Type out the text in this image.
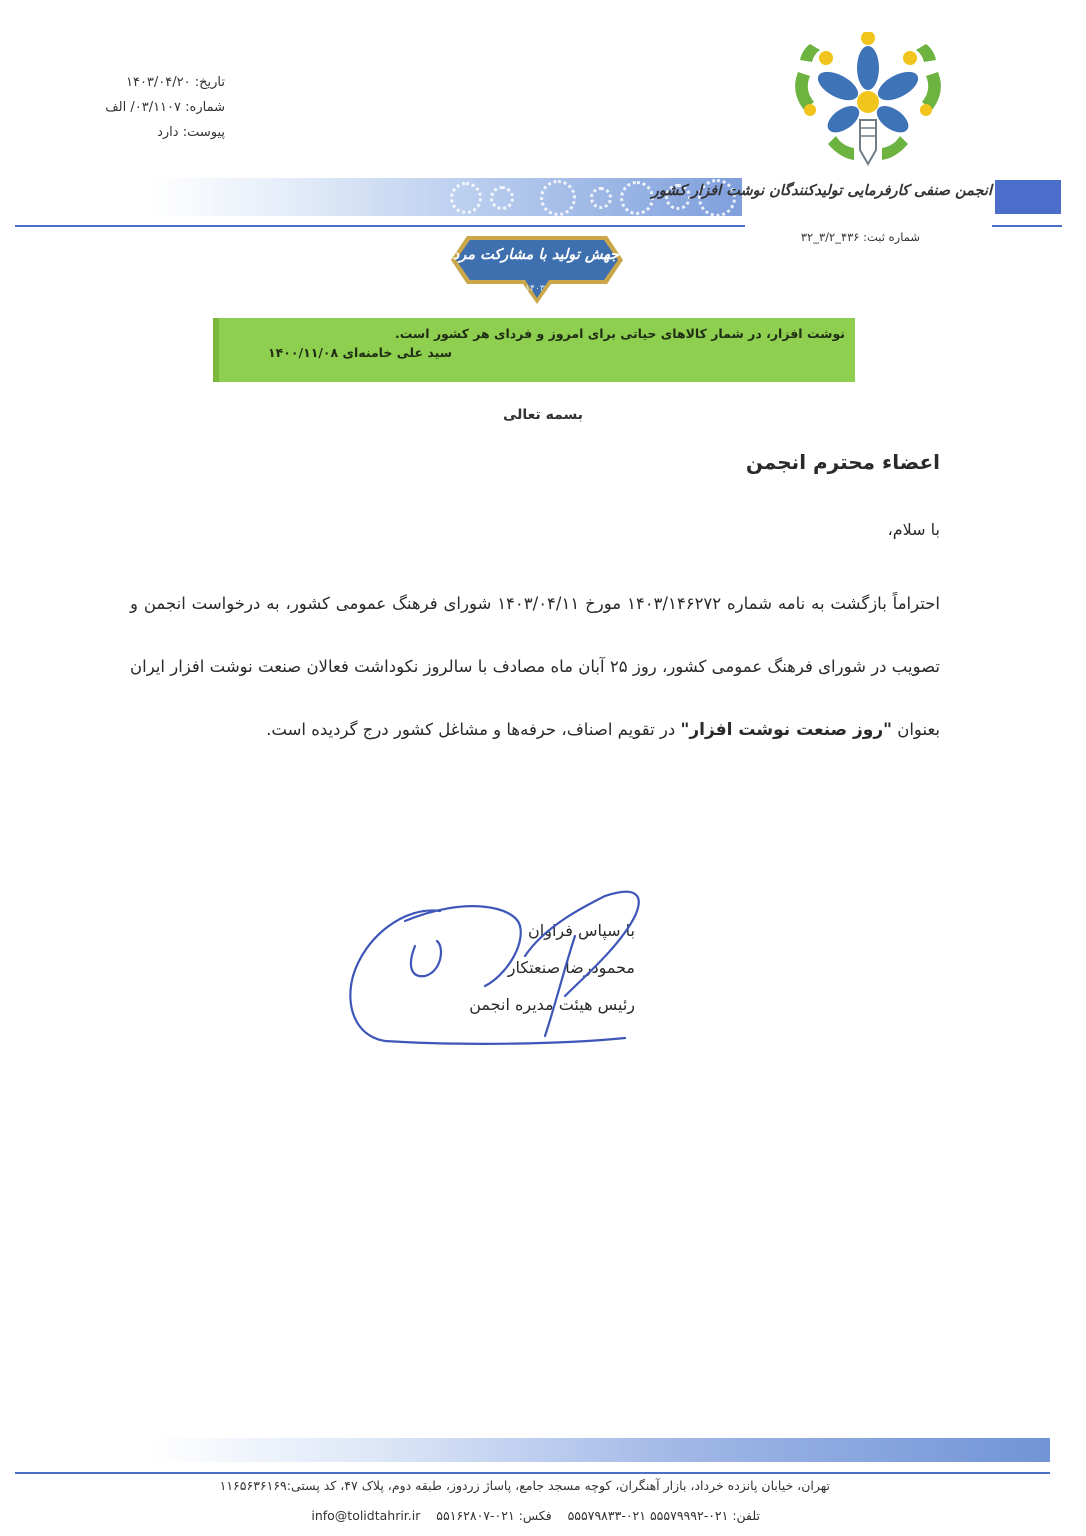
تاریخ: ۱۴۰۳/۰۴/۲۰
شماره: ۰۳/۱۱۰۷/ الف
پیوست: دارد
انجمن صنفی کارفرمایی تولیدکنندگان نوشت افزار کشور
شماره ثبت: ۴۳۶_۳/۲_۳۲
جهش تولید با مشارکت مردم
۱۴۰۳
نوشت افزار، در شمار کالاهای حیاتی برای امروز و فردای هر کشور است.
سید علی خامنه‌ای ۱۴۰۰/۱۱/۰۸
بسمه تعالی
اعضاء محترم انجمن
با سلام،
احتراماً بازگشت به نامه شماره ۱۴۰۳/۱۴۶۲۷۲ مورخ ۱۴۰۳/۰۴/۱۱ شورای فرهنگ عمومی کشور، به درخواست انجمن و تصویب در شورای فرهنگ عمومی کشور، روز ۲۵ آبان ماه مصادف با سالروز نکوداشت فعالان صنعت نوشت افزار ایران بعنوان "روز صنعت نوشت افزار" در تقویم اصناف، حرفه‌ها و مشاغل کشور درج گردیده است.
با سپاس فراوان
محمودرضا صنعتکار
رئیس هیئت مدیره انجمن
تهران، خیابان پانزده خرداد، بازار آهنگران، کوچه مسجد جامع، پاساژ زردوز، طبقه دوم، پلاک ۴۷، کد پستی:۱۱۶۵۶۳۶۱۶۹
تلفن: ۰۲۱-۵۵۵۷۹۹۹۲ ۰۲۱-۵۵۵۷۹۸۳۳    فکس: ۰۲۱-۵۵۱۶۲۸۰۷    info@tolidtahrir.ir
